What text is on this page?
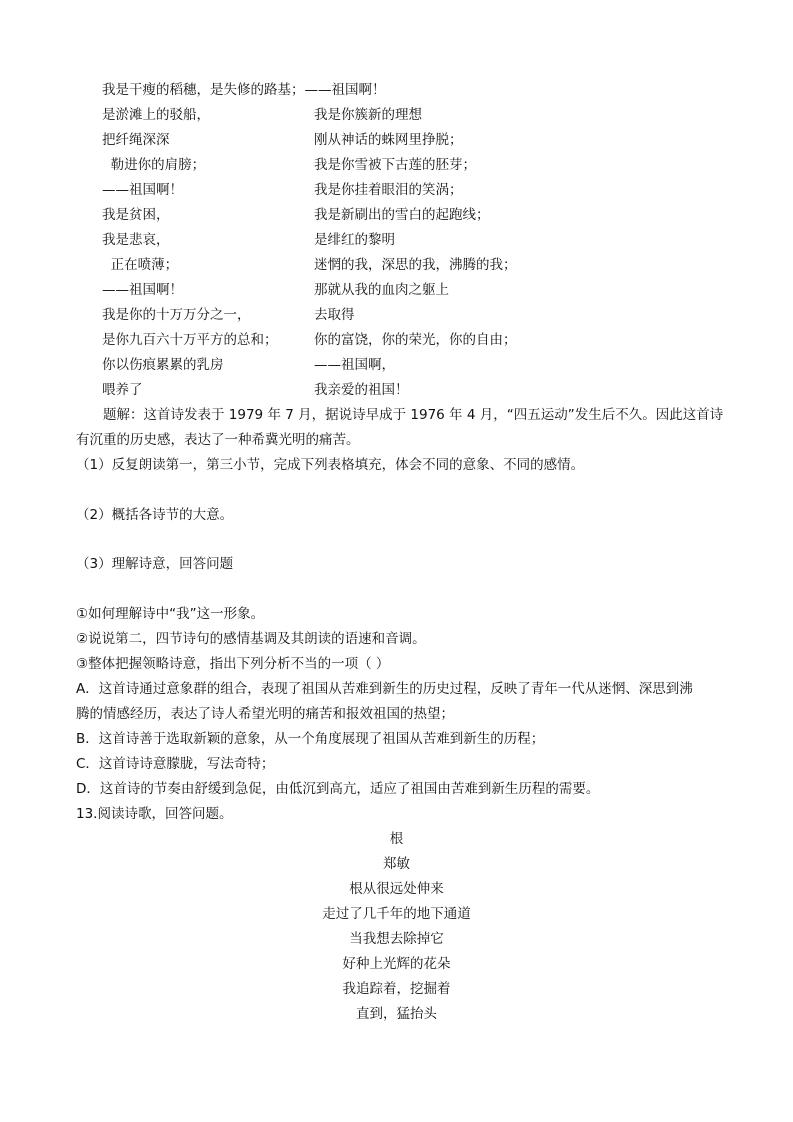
我是干瘦的稻穗，是失修的路基；——祖国啊！
是淤滩上的驳船，	我是你簇新的理想
把纤绳深深	刚从神话的蛛网里挣脱；
勒进你的肩膀；	我是你雪被下古莲的胚芽；
——祖国啊！	我是你挂着眼泪的笑涡；
我是贫困，	我是新刷出的雪白的起跑线；
我是悲哀，	是绯红的黎明
正在喷薄；	迷惘的我，深思的我，沸腾的我；
——祖国啊！	那就从我的血肉之躯上
我是你的十万万分之一，	去取得
是你九百六十万平方的总和；	你的富饶，你的荣光，你的自由；
你以伤痕累累的乳房	——祖国啊，
喂养了	我亲爱的祖国！

题解：这首诗发表于 1979 年 7 月，据说诗早成于 1976 年 4 月，“四五运动”发生后不久。因此这首诗

有沉重的历史感，表达了一种希冀光明的痛苦。

（1）反复朗读第一，第三小节，完成下列表格填充，体会不同的意象、不同的感情。

（2）概括各诗节的大意。

（3）理解诗意，回答问题

①如何理解诗中“我”这一形象。

②说说第二，四节诗句的感情基调及其朗读的语速和音调。

③整体把握领略诗意，指出下列分析不当的一项（ ）

A．这首诗通过意象群的组合，表现了祖国从苦难到新生的历史过程，反映了青年一代从迷惘、深思到沸

腾的情感经历，表达了诗人希望光明的痛苦和报效祖国的热望；

B．这首诗善于选取新颖的意象，从一个角度展现了祖国从苦难到新生的历程；

C．这首诗诗意朦胧，写法奇特；

D．这首诗的节奏由舒缓到急促，由低沉到高亢，适应了祖国由苦难到新生历程的需要。

13.阅读诗歌，回答问题。

根

郑敏

根从很远处伸来

走过了几千年的地下通道

当我想去除掉它

好种上光辉的花朵

我追踪着，挖掘着

直到，猛抬头
